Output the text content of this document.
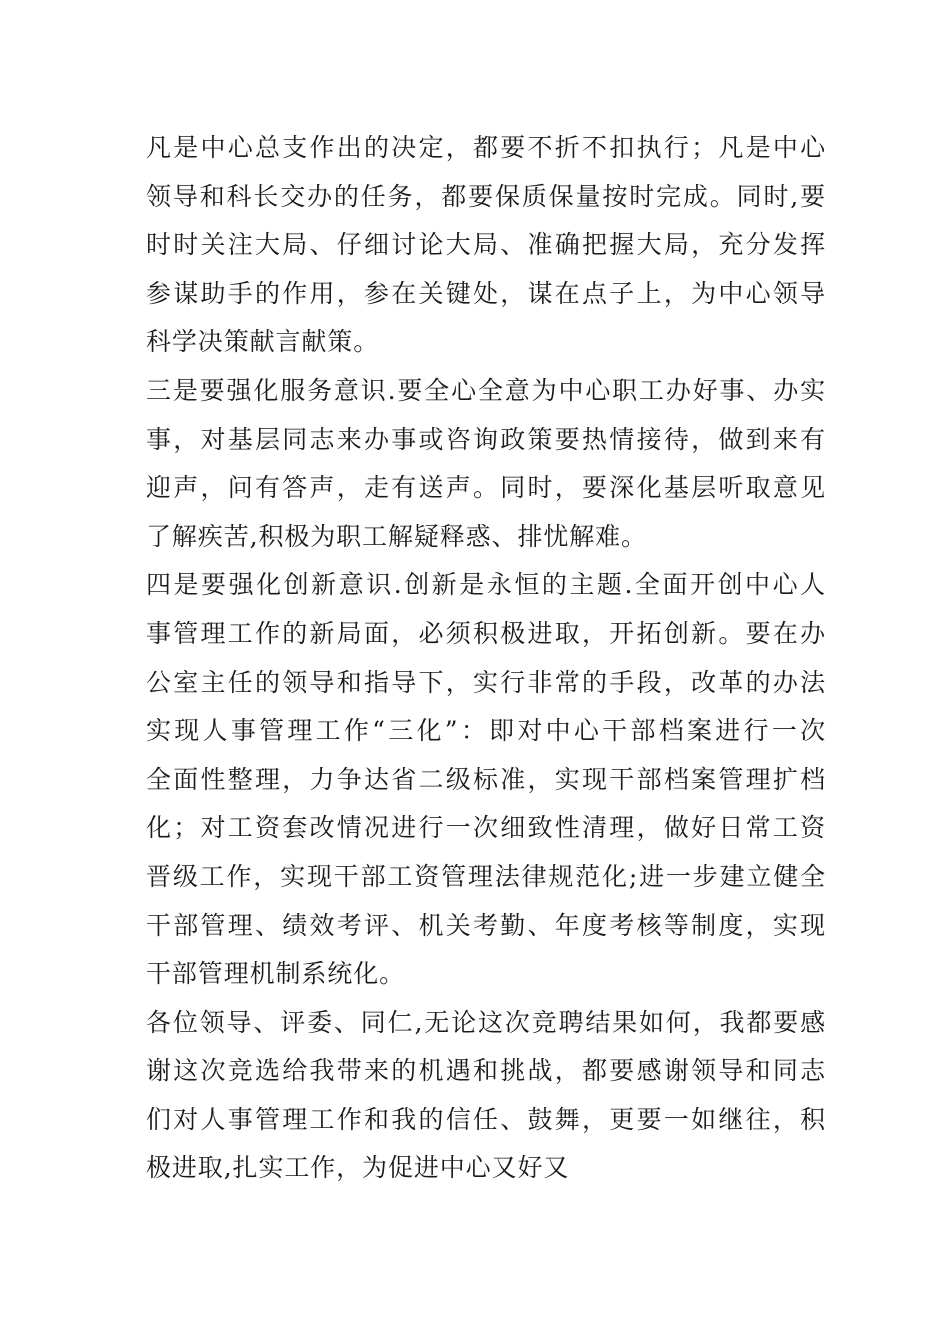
凡是中心总支作出的决定，都要不折不扣执行；凡是中心
领导和科长交办的任务，都要保质保量按时完成。同时,要
时时关注大局、仔细讨论大局、准确把握大局，充分发挥
参谋助手的作用，参在关键处，谋在点子上，为中心领导
科学决策献言献策。
三是要强化服务意识.要全心全意为中心职工办好事、办实
事，对基层同志来办事或咨询政策要热情接待，做到来有
迎声，问有答声，走有送声。同时，要深化基层听取意见
了解疾苦,积极为职工解疑释惑、排忧解难。
四是要强化创新意识.创新是永恒的主题.全面开创中心人
事管理工作的新局面，必须积极进取，开拓创新。要在办
公室主任的领导和指导下，实行非常的手段，改革的办法
实现人事管理工作“三化”：即对中心干部档案进行一次
全面性整理，力争达省二级标准，实现干部档案管理扩档
化；对工资套改情况进行一次细致性清理，做好日常工资
晋级工作，实现干部工资管理法律规范化;进一步建立健全
干部管理、绩效考评、机关考勤、年度考核等制度，实现
干部管理机制系统化。
各位领导、评委、同仁,无论这次竞聘结果如何，我都要感
谢这次竞选给我带来的机遇和挑战，都要感谢领导和同志
们对人事管理工作和我的信任、鼓舞，更要一如继往，积
极进取,扎实工作，为促进中心又好又
